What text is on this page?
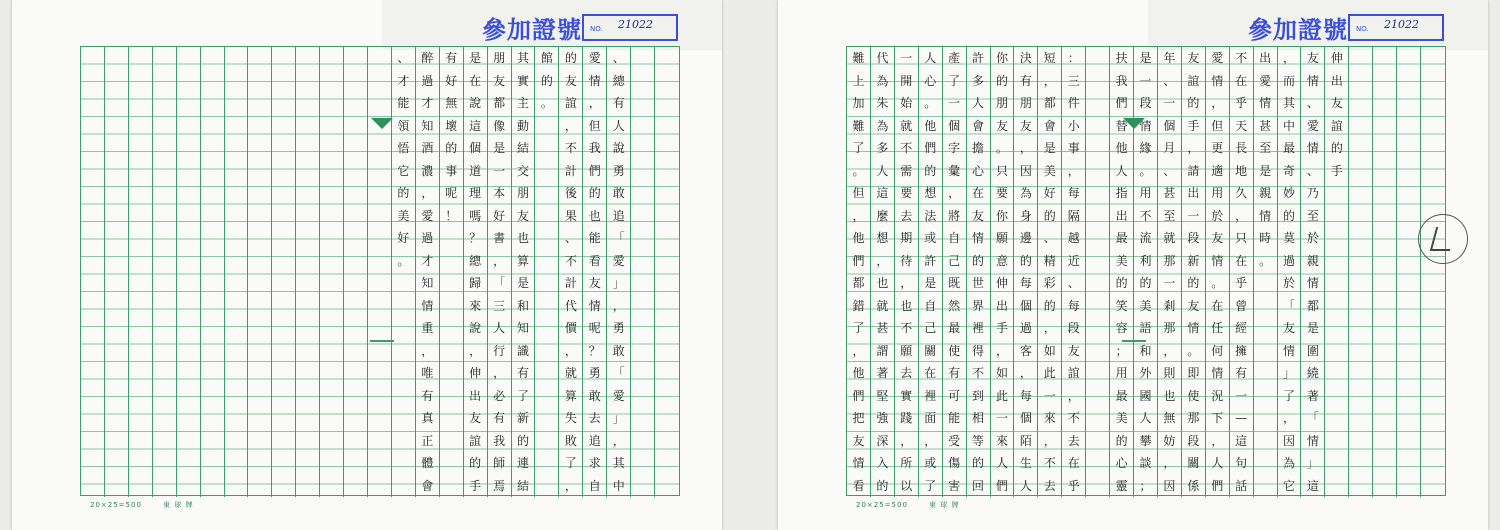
參加證號 NO. 21022
、
才
能
領
悟
它
的
美
好
。
醉
過
才
知
酒
濃
，
愛
過
才
知
情
重
，
唯
有
真
正
體
會
有
好
無
壞
的
事
呢
！
是
在
說
這
個
道
理
嗎
？
總
歸
來
說
，
伸
出
友
誼
的
手
朋
友
都
像
是
一
本
好
書
，
「
三
人
行
，
必
有
我
師
焉
其
實
主
動
結
交
朋
友
也
算
是
和
知
識
有
了
新
的
連
結
館
的
。
的
友
誼
，
不
計
後
果
、
不
計
代
價
，
就
算
失
敗
了
，
愛
情
，
但
我
們
的
也
能
看
友
情
呢
？
勇
敢
去
追
求
自
、
總
有
人
說
勇
敢
追
「
愛
」
，
勇
敢
「
愛
」
，
其
中
20×25=500	東 球 牌
參加證號 NO. 21022
難
上
加
難
了
。
但
，
他
們
都
錯
了
，
他
們
把
友
情
看
代
為
朱
為
多
人
這
麼
想
，
也
就
甚
謂
著
堅
強
深
入
的
一
開
始
就
不
需
要
去
期
待
，
也
不
願
去
實
踐
，
所
以
人
心
。
他
們
的
想
法
或
許
是
自
己
關
在
裡
面
，
或
了
產
了
一
個
字
彙
，
將
自
己
既
然
最
使
有
可
能
受
傷
害
許
多
人
會
擔
心
在
友
情
的
世
界
裡
得
不
到
相
等
的
回
你
的
朋
友
。
只
要
你
願
意
伸
出
手
，
如
此
一
來
人
們
決
有
朋
友
，
因
為
身
邊
的
每
個
過
客
，
每
個
陌
生
人
短
，
都
會
是
美
好
的
、
精
彩
的
，
如
此
一
來
，
不
去
：
三
件
小
事
，
每
隔
越
近
、
每
段
友
誼
，
不
去
在
乎
扶
我
們
替
他
人
指
出
最
美
的
笑
容
；
用
最
美
的
心
靈
是
一
段
情
緣
。
用
不
流
利
的
美
語
和
外
國
人
攀
談
；
年
、
一
個
月
、
甚
至
就
那
一
剎
那
，
則
也
無
妨
，
因
友
誼
的
手
，
請
出
一
段
新
的
友
情
。
即
使
那
段
關
係
愛
情
，
但
更
適
用
於
友
情
。
在
任
何
情
況
下
，
人
們
不
在
乎
天
長
地
久
，
只
在
乎
曾
經
擁
有
一
—
這
句
話
出
愛
情
甚
至
是
親
情
時
。
，
而
其
中
最
奇
妙
的
莫
過
於
「
友
情
」
了
，
因
為
它
友
情
、
愛
情
、
乃
至
於
親
情
都
是
圍
繞
著
「
情
」
這
伸
出
友
誼
的
手
20×25=500	東 球 牌
